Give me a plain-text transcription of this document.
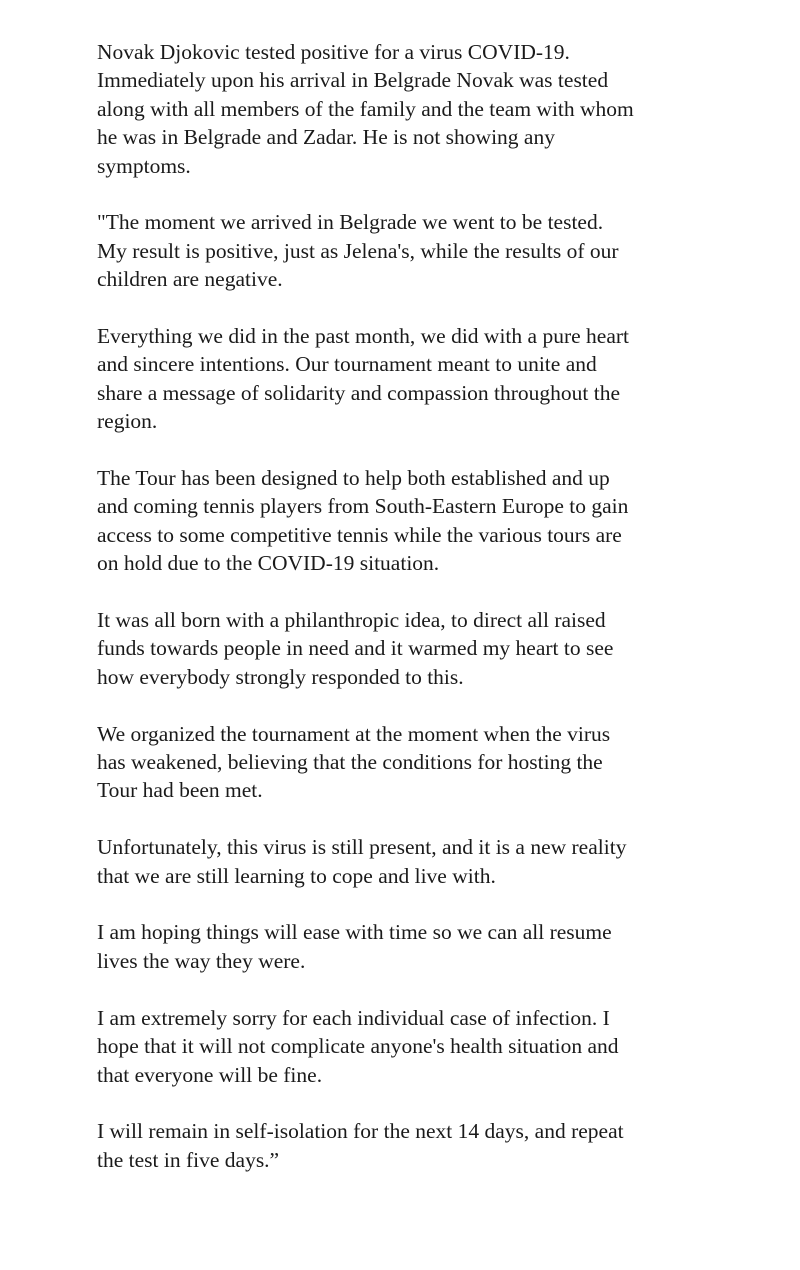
Novak Djokovic tested positive for a virus COVID-19.
Immediately upon his arrival in Belgrade Novak was tested
along with all members of the family and the team with whom
he was in Belgrade and Zadar. He is not showing any
symptoms.

"The moment we arrived in Belgrade we went to be tested.
My result is positive, just as Jelena's, while the results of our
children are negative.

Everything we did in the past month, we did with a pure heart
and sincere intentions. Our tournament meant to unite and
share a message of solidarity and compassion throughout the
region.

The Tour has been designed to help both established and up
and coming tennis players from South-Eastern Europe to gain
access to some competitive tennis while the various tours are
on hold due to the COVID-19 situation.

It was all born with a philanthropic idea, to direct all raised
funds towards people in need and it warmed my heart to see
how everybody strongly responded to this.

We organized the tournament at the moment when the virus
has weakened, believing that the conditions for hosting the
Tour had been met.

Unfortunately, this virus is still present, and it is a new reality
that we are still learning to cope and live with.

I am hoping things will ease with time so we can all resume
lives the way they were.

I am extremely sorry for each individual case of infection. I
hope that it will not complicate anyone's health situation and
that everyone will be fine.

I will remain in self-isolation for the next 14 days, and repeat
the test in five days.”
